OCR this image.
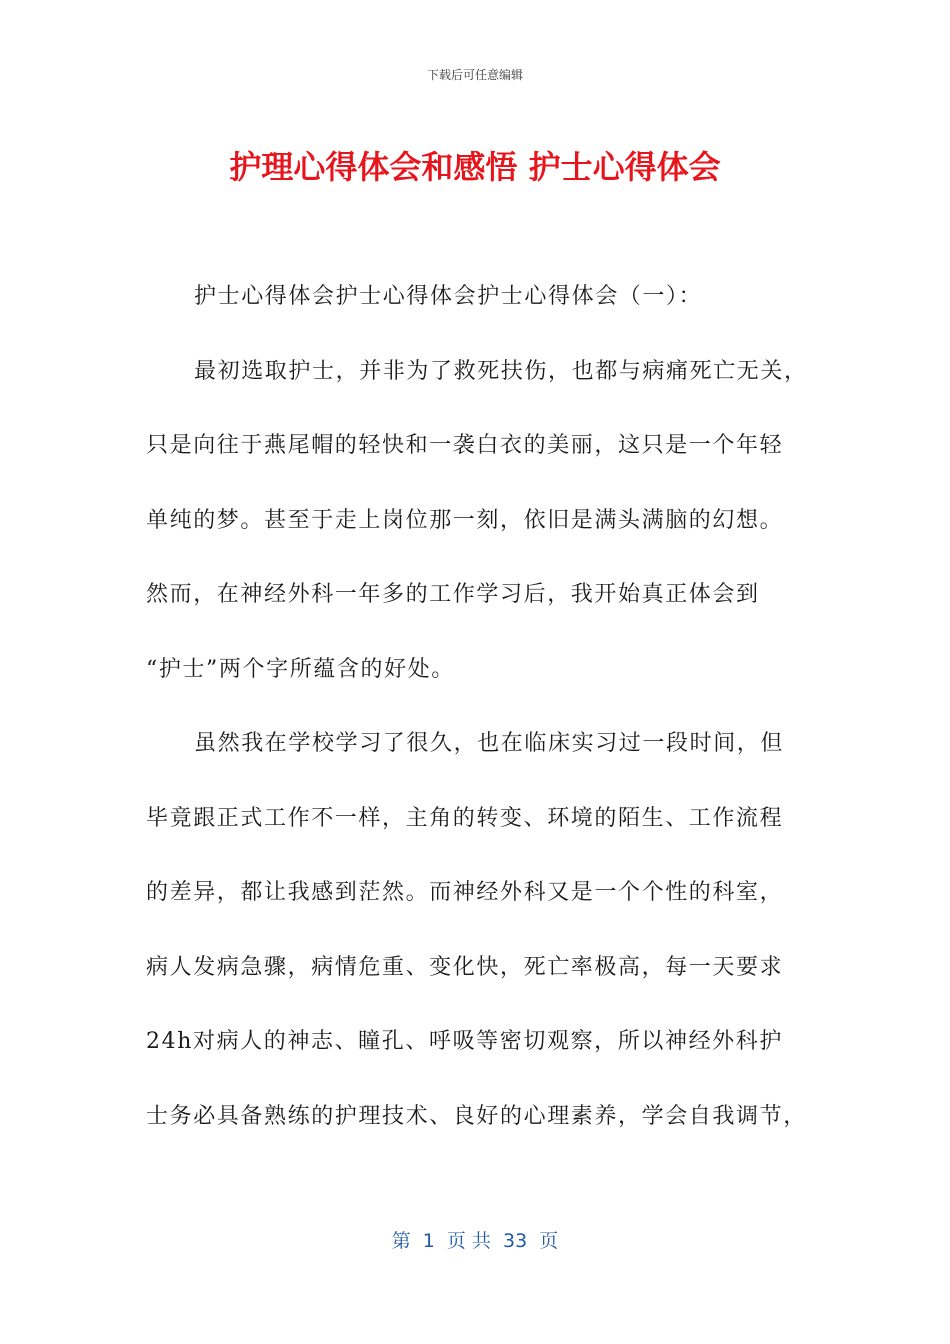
下载后可任意编辑
护理心得体会和感悟 护士心得体会
护士心得体会护士心得体会护士心得体会（一）：
最初选取护士，并非为了救死扶伤，也都与病痛死亡无关，
只是向往于燕尾帽的轻快和一袭白衣的美丽，这只是一个年轻
单纯的梦。甚至于走上岗位那一刻，依旧是满头满脑的幻想。
然而，在神经外科一年多的工作学习后，我开始真正体会到
“护士”两个字所蕴含的好处。
虽然我在学校学习了很久，也在临床实习过一段时间，但
毕竟跟正式工作不一样，主角的转变、环境的陌生、工作流程
的差异，都让我感到茫然。而神经外科又是一个个性的科室，
病人发病急骤，病情危重、变化快，死亡率极高，每一天要求
24h对病人的神志、瞳孔、呼吸等密切观察，所以神经外科护
士务必具备熟练的护理技术、良好的心理素养，学会自我调节，
第  1  页 共  33  页
